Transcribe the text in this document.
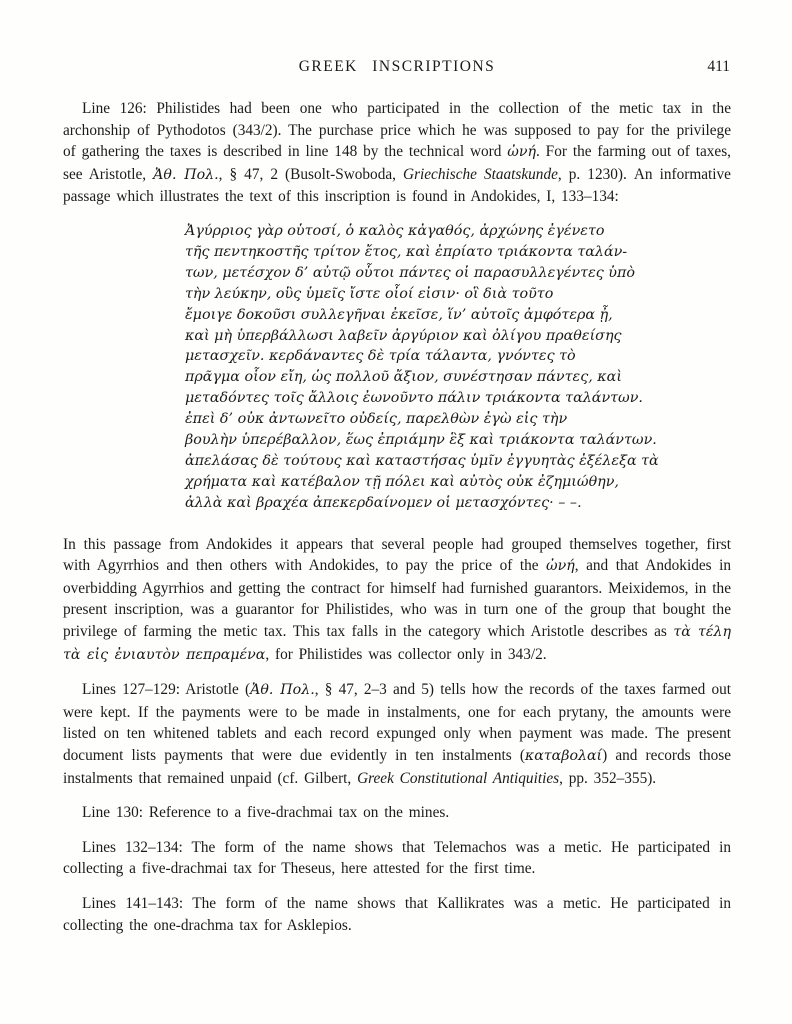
GREEK INSCRIPTIONS	411

Line 126: Philistides had been one who participated in the collection of the metic tax in the archonship of Pythodotos (343/2). The purchase price which he was supposed to pay for the privilege of gathering the taxes is described in line 148 by the technical word ὠνή. For the farming out of taxes, see Aristotle, Ἀθ. Πολ., § 47, 2 (Busolt-Swoboda, Griechische Staatskunde, p. 1230). An informative passage which illustrates the text of this inscription is found in Andokides, I, 133–134:

Ἀγύρριος γὰρ οὑτοσί, ὁ καλὸς κἀγαθός, ἀρχώνης ἐγένετο
τῆς πεντηκοστῆς τρίτον ἔτος, καὶ ἐπρίατο τριάκοντα ταλάν-
των, μετέσχον δ’ αὐτῷ οὗτοι πάντες οἱ παρασυλλεγέντες ὑπὸ
τὴν λεύκην, οὓς ὑμεῖς ἴστε οἷοί εἰσιν· οἳ διὰ τοῦτο
ἔμοιγε δοκοῦσι συλλεγῆναι ἐκεῖσε, ἵν’ αὐτοῖς ἀμφότερα ᾖ,
καὶ μὴ ὑπερβάλλωσι λαβεῖν ἀργύριον καὶ ὀλίγου πραθείσης
μετασχεῖν. κερδάναντες δὲ τρία τάλαντα, γνόντες τὸ
πρᾶγμα οἷον εἴη, ὡς πολλοῦ ἄξιον, συνέστησαν πάντες, καὶ
μεταδόντες τοῖς ἄλλοις ἐωνοῦντο πάλιν τριάκοντα ταλάντων.
ἐπεὶ δ’ οὐκ ἀντωνεῖτο οὐδείς, παρελθὼν ἐγὼ εἰς τὴν
βουλὴν ὑπερέβαλλον, ἕως ἐπριάμην ἓξ καὶ τριάκοντα ταλάντων.
ἀπελάσας δὲ τούτους καὶ καταστήσας ὑμῖν ἐγγυητὰς ἐξέλεξα τὰ
χρήματα καὶ κατέβαλον τῇ πόλει καὶ αὐτὸς οὐκ ἐζημιώθην,
ἀλλὰ καὶ βραχέα ἀπεκερδαίνομεν οἱ μετασχόντες· – –.

In this passage from Andokides it appears that several people had grouped themselves together, first with Agyrrhios and then others with Andokides, to pay the price of the ὠνή, and that Andokides in overbidding Agyrrhios and getting the contract for himself had furnished guarantors. Meixidemos, in the present inscription, was a guarantor for Philistides, who was in turn one of the group that bought the privilege of farming the metic tax. This tax falls in the category which Aristotle describes as τὰ τέλη τὰ εἰς ἐνιαυτὸν πεπραμένα, for Philistides was collector only in 343/2.

Lines 127–129: Aristotle (Ἀθ. Πολ., § 47, 2–3 and 5) tells how the records of the taxes farmed out were kept. If the payments were to be made in instalments, one for each prytany, the amounts were listed on ten whitened tablets and each record expunged only when payment was made. The present document lists payments that were due evidently in ten instalments (καταβολαί) and records those instalments that remained unpaid (cf. Gilbert, Greek Constitutional Antiquities, pp. 352–355).

Line 130: Reference to a five-drachmai tax on the mines.

Lines 132–134: The form of the name shows that Telemachos was a metic. He participated in collecting a five-drachmai tax for Theseus, here attested for the first time.

Lines 141–143: The form of the name shows that Kallikrates was a metic. He participated in collecting the one-drachma tax for Asklepios.
